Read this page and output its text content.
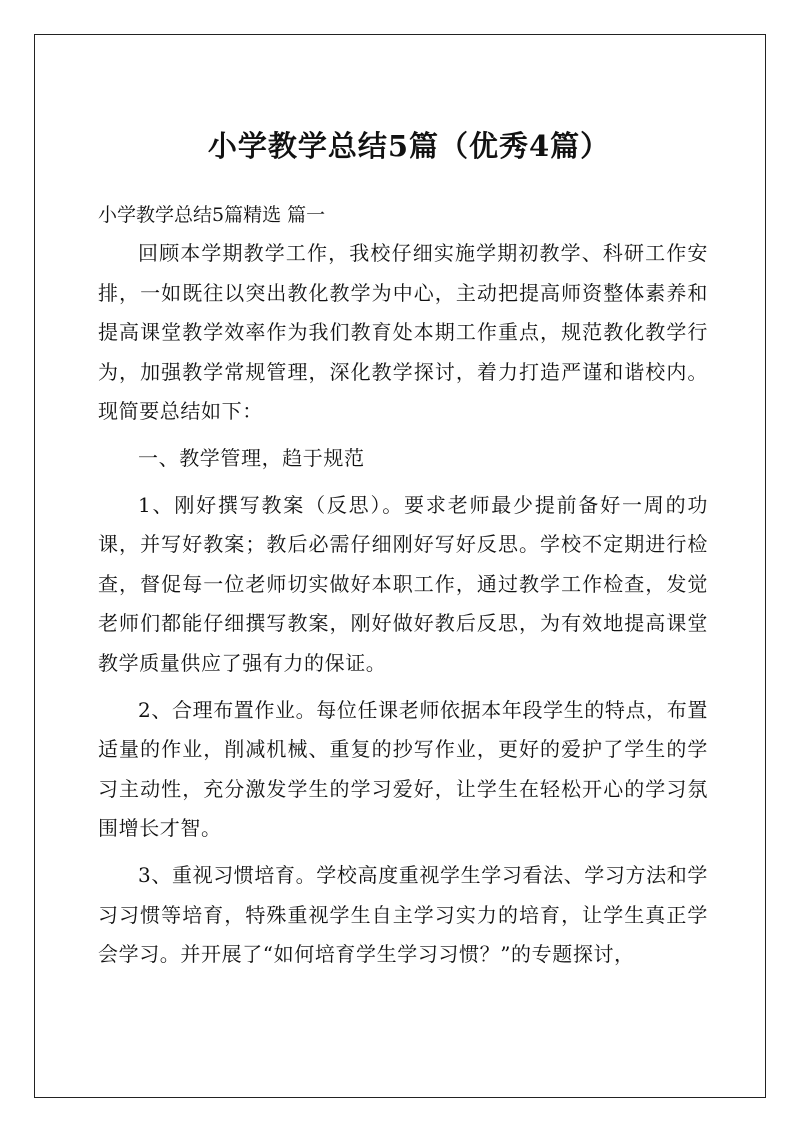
小学教学总结5篇（优秀4篇）
小学教学总结5篇精选 篇一

回顾本学期教学工作，我校仔细实施学期初教学、科研工作安排，一如既往以突出教化教学为中心，主动把提高师资整体素养和提高课堂教学效率作为我们教育处本期工作重点，规范教化教学行为，加强教学常规管理，深化教学探讨，着力打造严谨和谐校内。现简要总结如下：

一、教学管理，趋于规范

1、刚好撰写教案（反思）。要求老师最少提前备好一周的功课，并写好教案；教后必需仔细刚好写好反思。学校不定期进行检查，督促每一位老师切实做好本职工作，通过教学工作检查，发觉老师们都能仔细撰写教案，刚好做好教后反思，为有效地提高课堂教学质量供应了强有力的保证。

2、合理布置作业。每位任课老师依据本年段学生的特点，布置适量的作业，削减机械、重复的抄写作业，更好的爱护了学生的学习主动性，充分激发学生的学习爱好，让学生在轻松开心的学习氛围增长才智。

3、重视习惯培育。学校高度重视学生学习看法、学习方法和学习习惯等培育，特殊重视学生自主学习实力的培育，让学生真正学会学习。并开展了“如何培育学生学习习惯？”的专题探讨，
